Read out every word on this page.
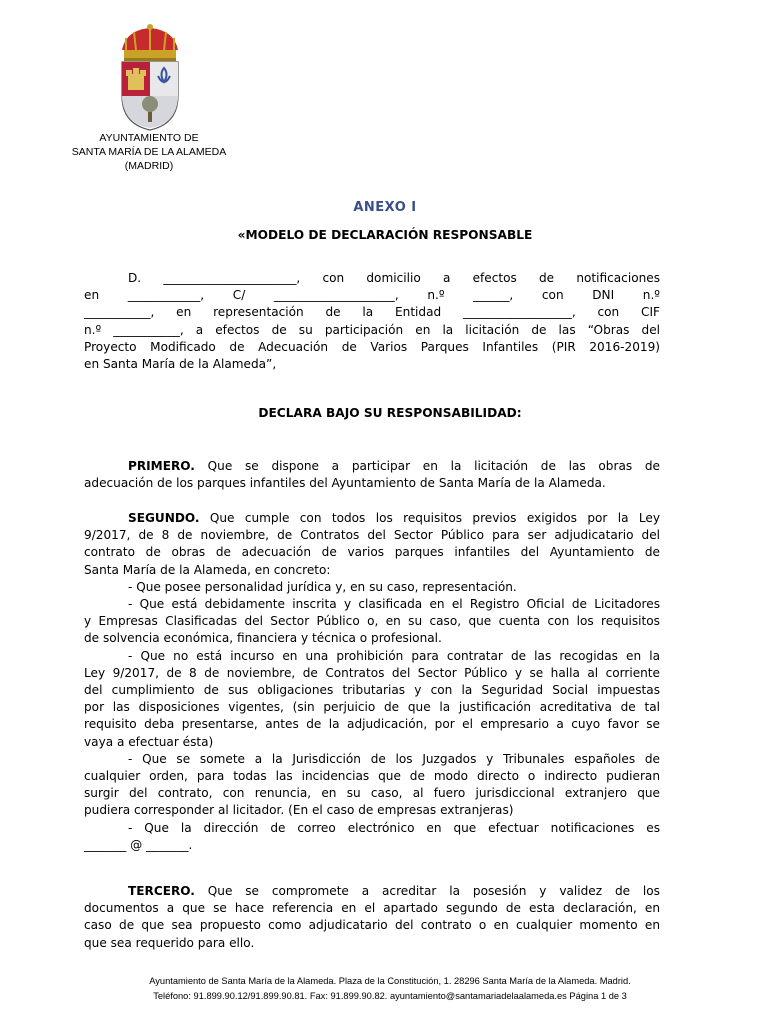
AYUNTAMIENTO DE
SANTA MARÍA DE LA ALAMEDA
(MADRID)
ANEXO I
«MODELO DE DECLARACIÓN RESPONSABLE
D. ______________________, con domicilio a efectos de notificaciones
en ____________, C/ ____________________, n.º ______, con DNI n.º
___________, en representación de la Entidad __________________, con CIF
n.º ___________, a efectos de su participación en la licitación de las “Obras del
Proyecto Modificado de Adecuación de Varios Parques Infantiles (PIR 2016-2019)
en Santa María de la Alameda”,
DECLARA BAJO SU RESPONSABILIDAD:
PRIMERO. Que se dispone a participar en la licitación de las obras de
adecuación de los parques infantiles del Ayuntamiento de Santa María de la Alameda.
SEGUNDO. Que cumple con todos los requisitos previos exigidos por la Ley
9/2017, de 8 de noviembre, de Contratos del Sector Público para ser adjudicatario del
contrato de obras de adecuación de varios parques infantiles del Ayuntamiento de
Santa María de la Alameda, en concreto:
- Que posee personalidad jurídica y, en su caso, representación.
- Que está debidamente inscrita y clasificada en el Registro Oficial de Licitadores
y Empresas Clasificadas del Sector Público o, en su caso, que cuenta con los requisitos
de solvencia económica, financiera y técnica o profesional.
- Que no está incurso en una prohibición para contratar de las recogidas en la
Ley 9/2017, de 8 de noviembre, de Contratos del Sector Público y se halla al corriente
del cumplimiento de sus obligaciones tributarias y con la Seguridad Social impuestas
por las disposiciones vigentes, (sin perjuicio de que la justificación acreditativa de tal
requisito deba presentarse, antes de la adjudicación, por el empresario a cuyo favor se
vaya a efectuar ésta)
- Que se somete a la Jurisdicción de los Juzgados y Tribunales españoles de
cualquier orden, para todas las incidencias que de modo directo o indirecto pudieran
surgir del contrato, con renuncia, en su caso, al fuero jurisdiccional extranjero que
pudiera corresponder al licitador. (En el caso de empresas extranjeras)
- Que la dirección de correo electrónico en que efectuar notificaciones es
_______ @ _______.
TERCERO. Que se compromete a acreditar la posesión y validez de los
documentos a que se hace referencia en el apartado segundo de esta declaración, en
caso de que sea propuesto como adjudicatario del contrato o en cualquier momento en
que sea requerido para ello.
Ayuntamiento de Santa María de la Alameda. Plaza de la Constitución, 1. 28296 Santa María de la Alameda. Madrid.
Teléfono: 91.899.90.12/91.899.90.81. Fax: 91.899.90.82. ayuntamiento@santamariadelaalameda.es Página 1 de 3
